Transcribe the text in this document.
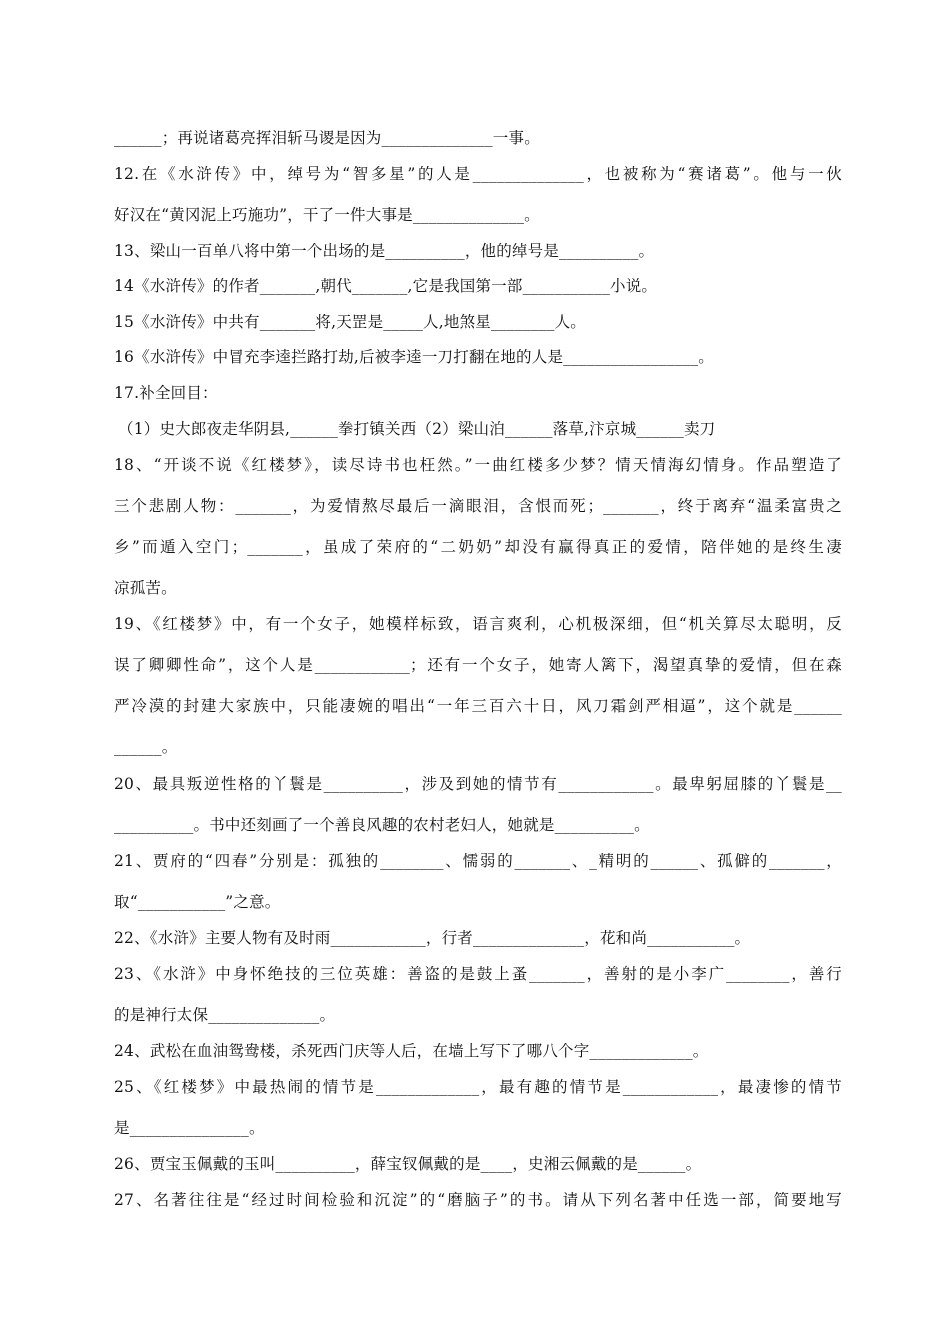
______；再说诸葛亮挥泪斩马谡是因为______________一事。
12.在《水浒传》中，绰号为“智多星”的人是______________，也被称为“赛诸葛”。他与一伙
好汉在“黄冈泥上巧施功”，干了一件大事是______________。
13、梁山一百单八将中第一个出场的是__________，他的绰号是__________。
14《水浒传》的作者_______,朝代_______,它是我国第一部___________小说。
15《水浒传》中共有_______将,天罡是_____人,地煞星________人。
16《水浒传》中冒充李逵拦路打劫,后被李逵一刀打翻在地的人是_________________。
17.补全回目：
（1）史大郎夜走华阴县,______拳打镇关西（2）梁山泊______落草,汴京城______卖刀
18、“开谈不说《红楼梦》，读尽诗书也枉然。”一曲红楼多少梦？情天情海幻情身。作品塑造了
三个悲剧人物：_______，为爱情熬尽最后一滴眼泪，含恨而死；_______，终于离弃“温柔富贵之
乡”而遁入空门；_______，虽成了荣府的“二奶奶”却没有赢得真正的爱情，陪伴她的是终生凄
凉孤苦。
19、《红楼梦》中，有一个女子，她模样标致，语言爽利，心机极深细，但“机关算尽太聪明，反
误了卿卿性命”，这个人是____________；还有一个女子，她寄人篱下，渴望真挚的爱情，但在森
严冷漠的封建大家族中，只能凄婉的唱出“一年三百六十日，风刀霜剑严相逼”，这个就是______
______。
20、最具叛逆性格的丫鬟是__________，涉及到她的情节有____________。最卑躬屈膝的丫鬟是__
__________。书中还刻画了一个善良风趣的农村老妇人，她就是__________。
21、贾府的“四春”分别是：孤独的________、懦弱的_______、_精明的______、孤僻的_______，
取“___________”之意。
22、《水浒》主要人物有及时雨____________，行者______________，花和尚___________。
23、《水浒》中身怀绝技的三位英雄：善盗的是鼓上蚤_______，善射的是小李广________，善行
的是神行太保______________。
24、武松在血油鸳鸯楼，杀死西门庆等人后，在墙上写下了哪八个字_____________。
25、《红楼梦》中最热闹的情节是_____________，最有趣的情节是____________，最凄惨的情节
是_______________。
26、贾宝玉佩戴的玉叫__________，薛宝钗佩戴的是____，史湘云佩戴的是______。
27、名著往往是“经过时间检验和沉淀”的“磨脑子”的书。请从下列名著中任选一部，简要地写
